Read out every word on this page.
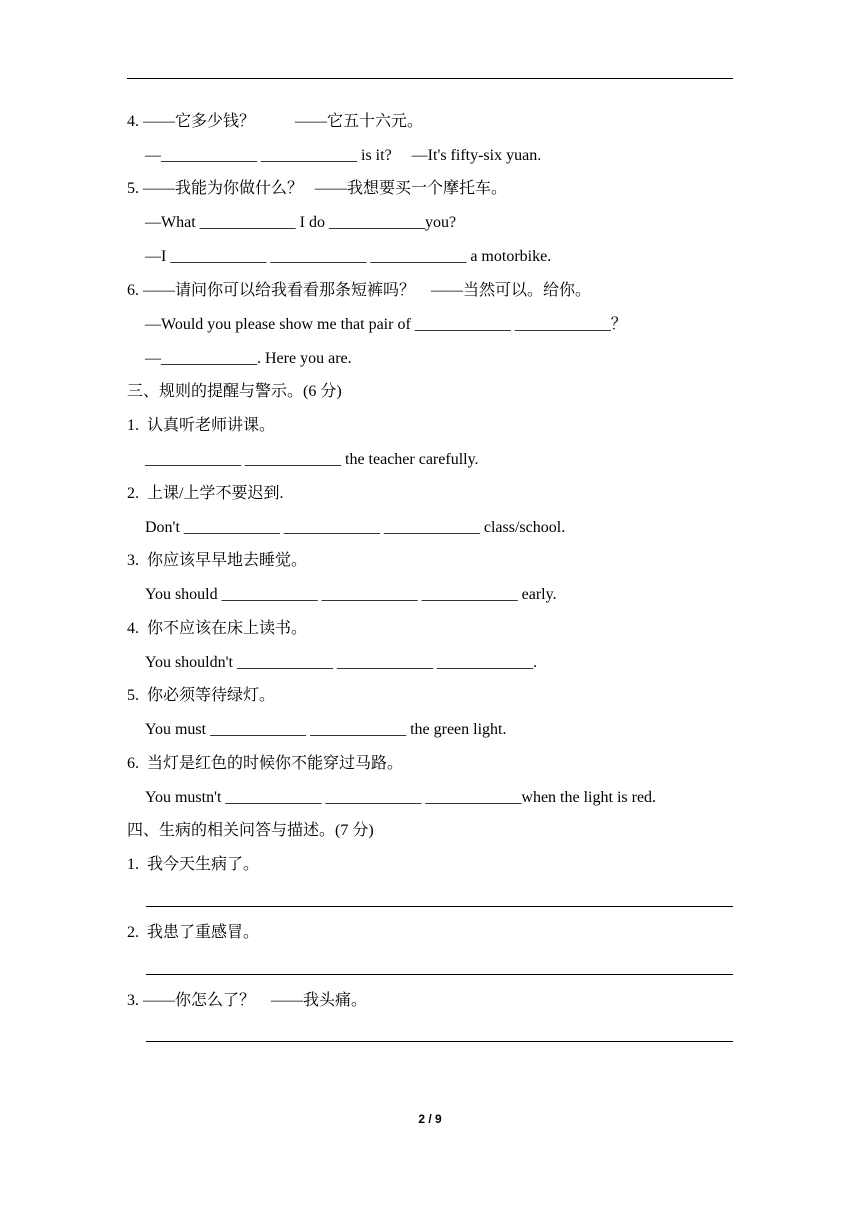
4. ——它多少钱？          ——它五十六元。
—____________ ____________ is it?     —It's fifty-six yuan.
5. ——我能为你做什么？   ——我想要买一个摩托车。
—What ____________ I do ____________you?
—I ____________ ____________ ____________ a motorbike.
6. ——请问你可以给我看看那条短裤吗？    ——当然可以。给你。
—Would you please show me that pair of ____________ ____________？
—____________. Here you are.
三、规则的提醒与警示。(6 分)
1.  认真听老师讲课。
____________ ____________ the teacher carefully.
2.  上课/上学不要迟到.
Don't ____________ ____________ ____________ class/school.
3.  你应该早早地去睡觉。
You should ____________ ____________ ____________ early.
4.  你不应该在床上读书。
You shouldn't ____________ ____________ ____________.
5.  你必须等待绿灯。
You must ____________ ____________ the green light.
6.  当灯是红色的时候你不能穿过马路。
You mustn't ____________ ____________ ____________when the light is red.
四、生病的相关问答与描述。(7 分)
1.  我今天生病了。
2.  我患了重感冒。
3. ——你怎么了？    ——我头痛。
2 / 9
